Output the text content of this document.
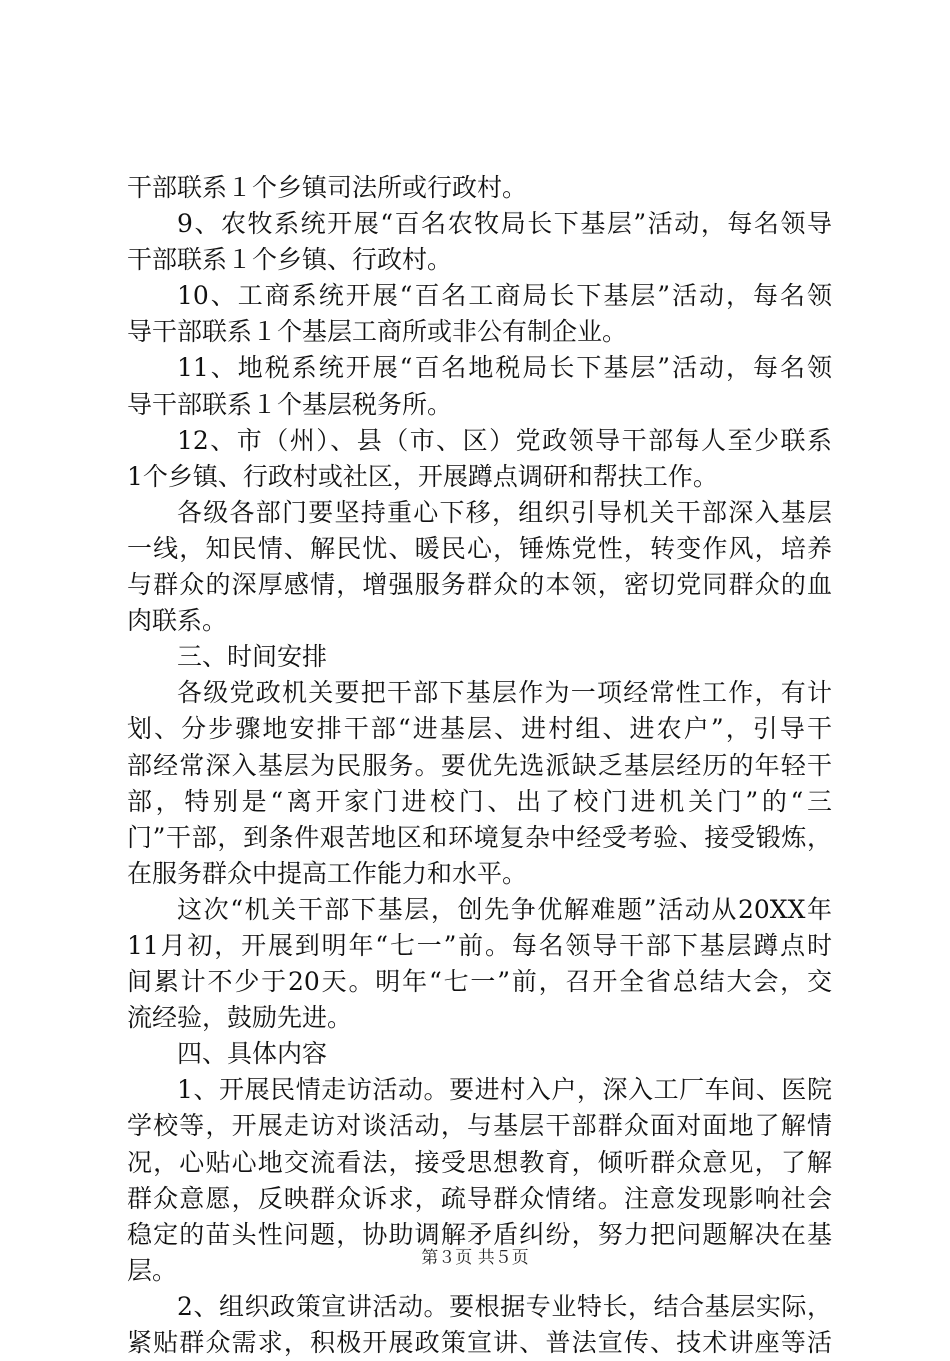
干部联系１个乡镇司法所或行政村。
9、农牧系统开展“百名农牧局长下基层”活动，每名领导
干部联系１个乡镇、行政村。
10、工商系统开展“百名工商局长下基层”活动，每名领
导干部联系１个基层工商所或非公有制企业。
11、地税系统开展“百名地税局长下基层”活动，每名领
导干部联系１个基层税务所。
12、市（州）、县（市、区）党政领导干部每人至少联系
1个乡镇、行政村或社区，开展蹲点调研和帮扶工作。
各级各部门要坚持重心下移，组织引导机关干部深入基层
一线，知民情、解民忧、暖民心，锤炼党性，转变作风，培养
与群众的深厚感情，增强服务群众的本领，密切党同群众的血
肉联系。
三、时间安排
各级党政机关要把干部下基层作为一项经常性工作，有计
划、分步骤地安排干部“进基层、进村组、进农户”，引导干
部经常深入基层为民服务。要优先选派缺乏基层经历的年轻干
部，特别是“离开家门进校门、出了校门进机关门”的“三
门”干部，到条件艰苦地区和环境复杂中经受考验、接受锻炼，
在服务群众中提高工作能力和水平。
这次“机关干部下基层，创先争优解难题”活动从20XX年
11月初，开展到明年“七一”前。每名领导干部下基层蹲点时
间累计不少于20天。明年“七一”前，召开全省总结大会，交
流经验，鼓励先进。
四、具体内容
1、开展民情走访活动。要进村入户，深入工厂车间、医院
学校等，开展走访对谈活动，与基层干部群众面对面地了解情
况，心贴心地交流看法，接受思想教育，倾听群众意见，了解
群众意愿，反映群众诉求，疏导群众情绪。注意发现影响社会
稳定的苗头性问题，协助调解矛盾纠纷，努力把问题解决在基
层。
2、组织政策宣讲活动。要根据专业特长，结合基层实际，
紧贴群众需求，积极开展政策宣讲、普法宣传、技术讲座等活
第３页 共５页
